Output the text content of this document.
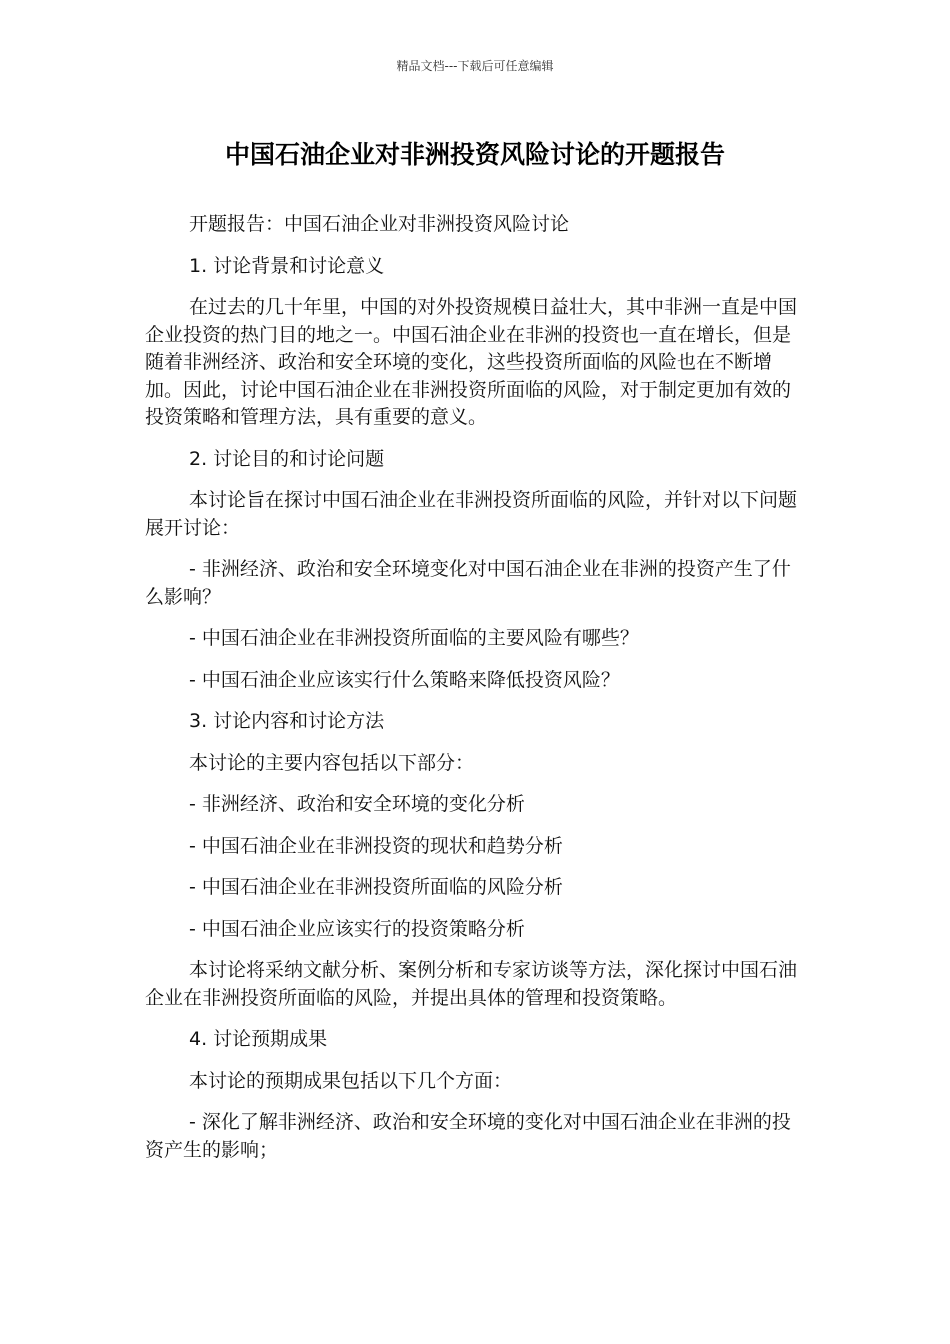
精品文档---下载后可任意编辑
中国石油企业对非洲投资风险讨论的开题报告

开题报告：中国石油企业对非洲投资风险讨论

1. 讨论背景和讨论意义

在过去的几十年里，中国的对外投资规模日益壮大，其中非洲一直是中国企业投资的热门目的地之一。中国石油企业在非洲的投资也一直在增长，但是随着非洲经济、政治和安全环境的变化，这些投资所面临的风险也在不断增加。因此，讨论中国石油企业在非洲投资所面临的风险，对于制定更加有效的投资策略和管理方法，具有重要的意义。

2. 讨论目的和讨论问题

本讨论旨在探讨中国石油企业在非洲投资所面临的风险，并针对以下问题展开讨论：

- 非洲经济、政治和安全环境变化对中国石油企业在非洲的投资产生了什么影响？

- 中国石油企业在非洲投资所面临的主要风险有哪些？

- 中国石油企业应该实行什么策略来降低投资风险？

3. 讨论内容和讨论方法

本讨论的主要内容包括以下部分：

- 非洲经济、政治和安全环境的变化分析

- 中国石油企业在非洲投资的现状和趋势分析

- 中国石油企业在非洲投资所面临的风险分析

- 中国石油企业应该实行的投资策略分析

本讨论将采纳文献分析、案例分析和专家访谈等方法，深化探讨中国石油企业在非洲投资所面临的风险，并提出具体的管理和投资策略。

4. 讨论预期成果

本讨论的预期成果包括以下几个方面：

- 深化了解非洲经济、政治和安全环境的变化对中国石油企业在非洲的投资产生的影响；
